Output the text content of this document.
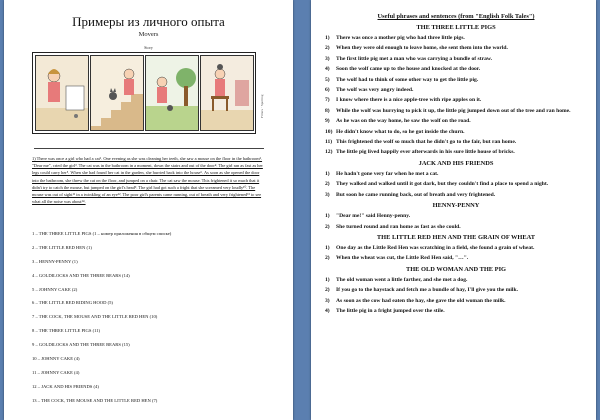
Примеры из личного опыта
Movers
Story
Fillers · Spelling
1) There was once a girl who had a cat¹. One evening as she was cleaning her teeth, she saw a mouse on the floor in the bathroom². "Dear me", cried the girl³. The cat was in the bathroom in a moment, down the stairs and out of the door⁴. The girl ran as fast as her legs could carry her⁵. When she had found her cat in the garden, she hurried back into the house⁶. As soon as she opened the door into the bathroom, she threw the cat on the floor, and jumped on a chair. The cat saw the mouse. This frightened it so much that it didn't try to catch the mouse, but jumped on the girl's head⁹. The girl had got such a fright that she screamed very loudly¹⁰. The mouse was out of sight¹¹ in a twinkling of an eye¹². The poor girl's parents came running, out of breath and very frightened¹³ to see what all the noise was about¹⁴.
1 – THE THREE LITTLE PIGS (1 – номер приложения в общем списке)
2 – THE LITTLE RED HEN (1)
3 – HENNY-PENNY (1)
4 – GOLDILOCKS AND THE THREE BEARS (14)
5 – JOHNNY CAKE (2)
6 – THE LITTLE RED RIDING HOOD (5)
7 – THE COCK, THE MOUSE AND THE LITTLE RED HEN (10)
8 – THE THREE LITTLE PIGS (11)
9 – GOLDILOCKS AND THE THREE BEARS (15)
10 – JOHNNY CAKE (4)
11 – JOHNNY CAKE (4)
12 – JACK AND HIS FRIENDS (4)
13 – THE COCK, THE MOUSE AND THE LITTLE RED HEN (7)
Useful phrases and sentences (from "English Folk Tales")
THE THREE LITTLE PIGS
1) There was once a mother pig who had three little pigs.
2) When they were old enough to leave home, she sent them into the world.
3) The first little pig met a man who was carrying a bundle of straw.
4) Soon the wolf came up to the house and knocked at the door.
5) The wolf had to think of some other way to get the little pig.
6) The wolf was very angry indeed.
7) I know where there is a nice apple-tree with ripe apples on it.
8) While the wolf was hurrying to pick it up, the little pig jumped down out of the tree and ran home.
9) As he was on the way home, he saw the wolf on the road.
10) He didn't know what to do, so he got inside the churn.
11) This frightened the wolf so much that he didn't go to the fair, but ran home.
12) The little pig lived happily ever afterwards in his sure little house of bricks.
JACK AND HIS FRIENDS
1) He hadn't gone very far when he met a cat.
2) They walked and walked until it got dark, but they couldn't find a place to spend a night.
3) But soon he came running back, out of breath and very frightened.
HENNY-PENNY
1) "Dear me!" said Henny-penny.
2) She turned round and ran home as fast as she could.
THE LITTLE RED HEN AND THE GRAIN OF WHEAT
1) One day as the Little Red Hen was scratching in a field, she found a grain of wheat.
2) When the wheat was cut, the Little Red Hen said, "…".
THE OLD WOMAN AND THE PIG
1) The old woman went a little farther, and she met a dog.
2) If you go to the haystack and fetch me a bundle of hay, I'll give you the milk.
3) As soon as the cow had eaten the hay, she gave the old woman the milk.
4) The little pig in a fright jumped over the stile.
